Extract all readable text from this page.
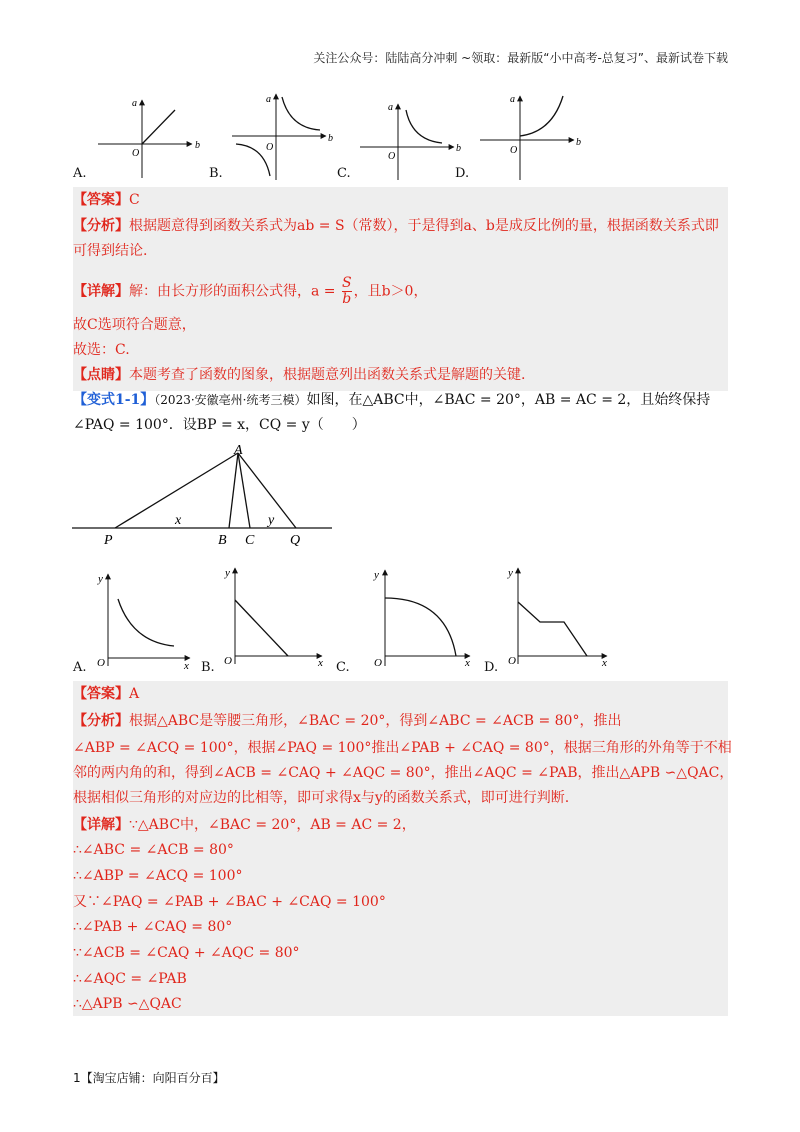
关注公众号：陆陆高分冲刺 ~领取：最新版“小中高考-总复习”、最新试卷下载
a
b
O
a
b
O
a
b
O
a
b
O
A.	B.	C.	D.
【答案】C
【分析】根据题意得到函数关系式为ab = S（常数），于是得到a、b是成反比例的量，根据函数关系式即
可得到结论.
【详解】解：由长方形的面积公式得，$a = \frac{S}{b}$ ，且b＞0，
故C选项符合题意，
故选：C.
【点睛】本题考查了函数的图象，根据题意列出函数关系式是解题的关键.
【变式1-1】（2023·安徽亳州·统考三模）如图，在△ABC中，∠BAC = 20°，AB = AC = 2，且始终保持
∠PAQ = 100°．设BP = x，CQ = y（　　）
A
P	B C	Q
x	y
y
x
O
y
x
O
y
x
O
y
x
O
A.	B.	C.	D.
【答案】A
【分析】根据△ABC是等腰三角形，∠BAC = 20°，得到∠ABC = ∠ACB = 80°，推出
∠ABP = ∠ACQ = 100°，根据∠PAQ = 100°推出∠PAB + ∠CAQ = 80°，根据三角形的外角等于不相
邻的两内角的和，得到∠ACB = ∠CAQ + ∠AQC = 80°，推出∠AQC = ∠PAB，推出△APB ∽△QAC，
根据相似三角形的对应边的比相等，即可求得x与y的函数关系式，即可进行判断.
【详解】∵△ABC中，∠BAC = 20°，AB = AC = 2，
∴∠ABC = ∠ACB = 80°
∴∠ABP = ∠ACQ = 100°
又∵∠PAQ = ∠PAB + ∠BAC + ∠CAQ = 100°
∴∠PAB + ∠CAQ = 80°
∵∠ACB = ∠CAQ + ∠AQC = 80°
∴∠AQC = ∠PAB
∴△APB ∽△QAC
1【淘宝店铺：向阳百分百】
